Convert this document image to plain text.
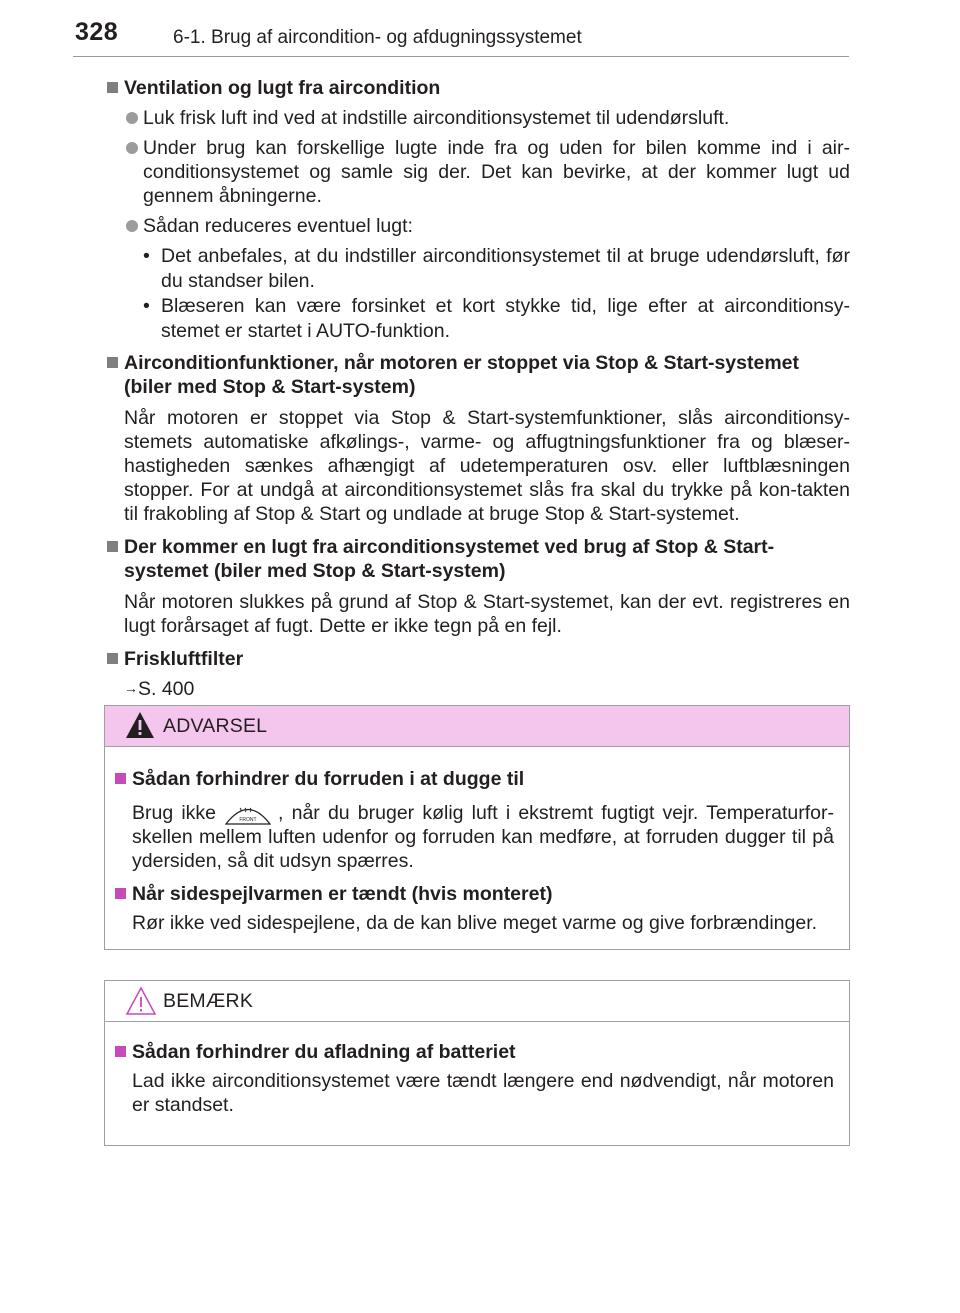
328	6-1. Brug af aircondition- og afdugningssystemet
Ventilation og lugt fra aircondition
Luk frisk luft ind ved at indstille airconditionsystemet til udendørsluft.
Under brug kan forskellige lugte inde fra og uden for bilen komme ind i air-conditionsystemet og samle sig der. Det kan bevirke, at der kommer lugt ud gennem åbningerne.
Sådan reduceres eventuel lugt:
• Det anbefales, at du indstiller airconditionsystemet til at bruge udendørsluft, før du standser bilen.
• Blæseren kan være forsinket et kort stykke tid, lige efter at airconditionsy-stemet er startet i AUTO-funktion.
Airconditionfunktioner, når motoren er stoppet via Stop & Start-systemet (biler med Stop & Start-system)
Når motoren er stoppet via Stop & Start-systemfunktioner, slås airconditionsy-stemets automatiske afkølings-, varme- og affugtningsfunktioner fra og blæser-hastigheden sænkes afhængigt af udetemperaturen osv. eller luftblæsningen stopper. For at undgå at airconditionsystemet slås fra skal du trykke på kon-takten til frakobling af Stop & Start og undlade at bruge Stop & Start-systemet.
Der kommer en lugt fra airconditionsystemet ved brug af Stop & Start-systemet (biler med Stop & Start-system)
Når motoren slukkes på grund af Stop & Start-systemet, kan der evt. registreres en lugt forårsaget af fugt. Dette er ikke tegn på en fejl.
Friskluftfilter
→S. 400
ADVARSEL
Sådan forhindrer du forruden i at dugge til
Brug ikke	FRONT , når du bruger kølig luft i ekstremt fugtigt vejr. Temperaturfor-skellen mellem luften udenfor og forruden kan medføre, at forruden dugger til på ydersiden, så dit udsyn spærres.
Når sidespejlvarmen er tændt (hvis monteret)
Rør ikke ved sidespejlene, da de kan blive meget varme og give forbrændinger.
BEMÆRK
Sådan forhindrer du afladning af batteriet
Lad ikke airconditionsystemet være tændt længere end nødvendigt, når motoren er standset.
